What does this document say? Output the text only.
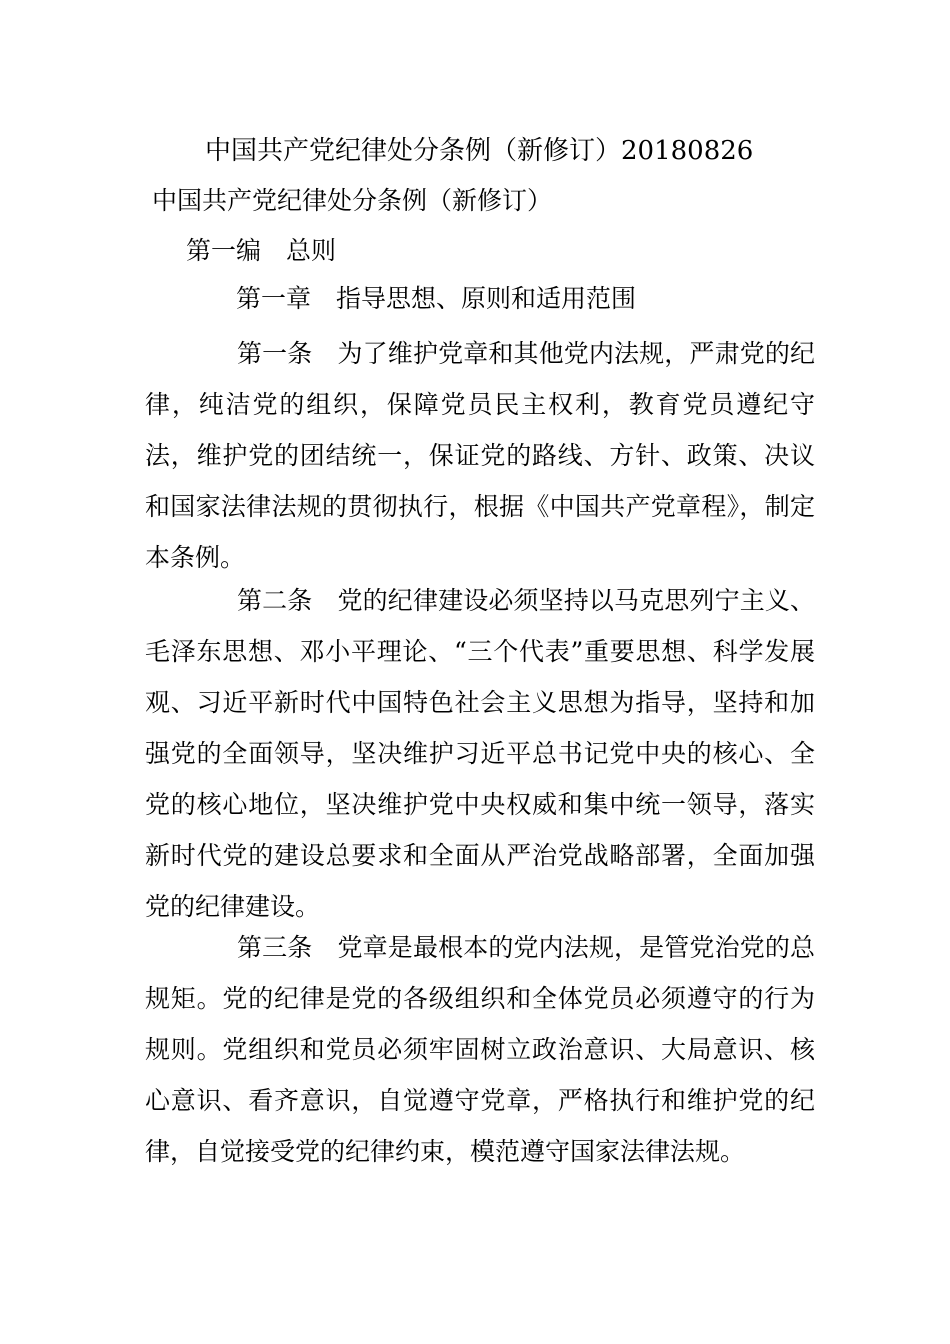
中国共产党纪律处分条例（新修订）20180826
中国共产党纪律处分条例（新修订）
第一编 总则
第一章 指导思想、原则和适用范围

第一条 为了维护党章和其他党内法规，严肃党的纪律，纯洁党的组织，保障党员民主权利，教育党员遵纪守法，维护党的团结统一，保证党的路线、方针、政策、决议和国家法律法规的贯彻执行，根据《中国共产党章程》，制定本条例。

第二条 党的纪律建设必须坚持以马克思列宁主义、毛泽东思想、邓小平理论、“三个代表”重要思想、科学发展观、习近平新时代中国特色社会主义思想为指导，坚持和加强党的全面领导，坚决维护习近平总书记党中央的核心、全党的核心地位，坚决维护党中央权威和集中统一领导，落实新时代党的建设总要求和全面从严治党战略部署，全面加强党的纪律建设。

第三条 党章是最根本的党内法规，是管党治党的总规矩。党的纪律是党的各级组织和全体党员必须遵守的行为规则。党组织和党员必须牢固树立政治意识、大局意识、核心意识、看齐意识，自觉遵守党章，严格执行和维护党的纪律，自觉接受党的纪律约束，模范遵守国家法律法规。
